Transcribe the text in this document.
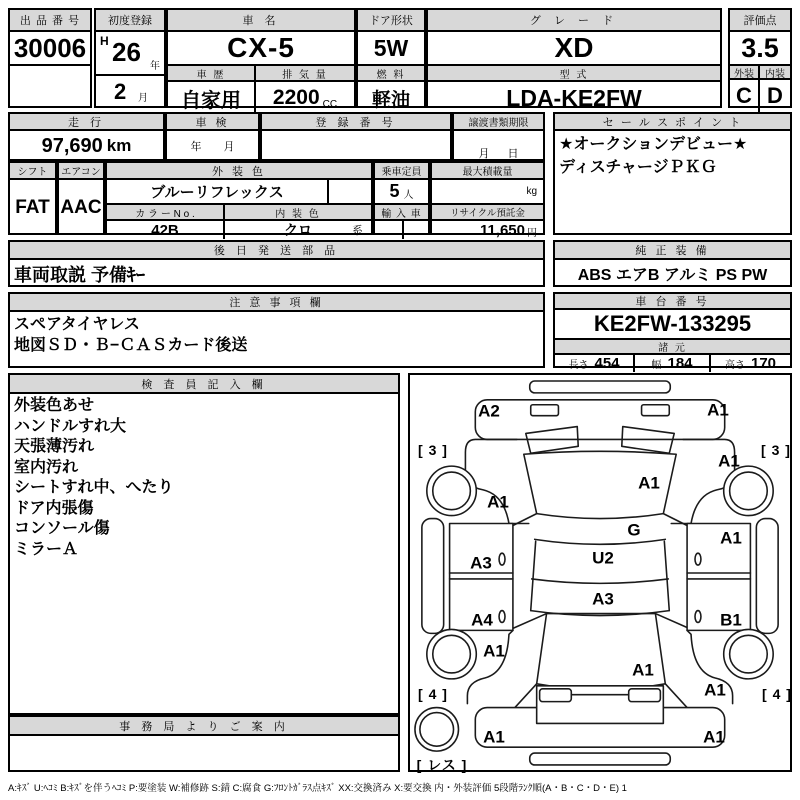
出 品 番 号
30006
初度登録
H 26 年
2 月
車 名
CX-5
車 歴
自家用
排 気 量
2200 CC
ドア形状
5W
燃 料
軽油
グ レ ー ド
XD
型 式
LDA-KE2FW
評価点
3.5
外装	内装
C D
走 行
97,690 km
車 検
年 月
登 録 番 号	譲渡書類期限
月 日
セ ー ル ス ポ イ ン ト
★オークションデビュー★
ディスチャージＰＫＧ
シフト
FAT
エアコン
AAC
外 装 色
ブルーリフレックス
カ ラ ー N o .	内 装 色
42B	クロ	系
乗車定員
5 人
輸 入 車
最大積載量
kg
リサイクル預託金
11,650 円
後 日 発 送 部 品
車両取説 予備ｷｰ
純 正 装 備
ABS エアB アルミ PS PW
注 意 事 項 欄
スペアタイヤレス
地図ＳＤ・Ｂ−ＣＡＳカード後送
車 台 番 号
KE2FW-133295
諸 元
長さ 454	幅 184	高さ 170
検 査 員 記 入 欄
外装色あせ
ハンドルすれ大
天張薄汚れ
室内汚れ
シートすれ中、へたり
ドア内張傷
コンソール傷
ミラーＡ
事 務 局 よ り ご 案 内
A2	A1
[ 3 ]	[ 3 ]
A1
A1
A1
G	A1
U2
A3
A3
A4	B1
A1
A1
A1
[ 4 ]	[ 4 ]
A1	A1
[ レス ]
A:ｷｽﾞ U:ﾍｺﾐ B:ｷｽﾞを伴うﾍｺﾐ P:要塗装 W:補修跡 S:錆 C:腐食 G:ﾌﾛﾝﾄｶﾞﾗｽ点ｷｽﾞ XX:交換済み X:要交換 内・外装評価 5段階ﾗﾝｸ順(A・B・C・D・E) 1
